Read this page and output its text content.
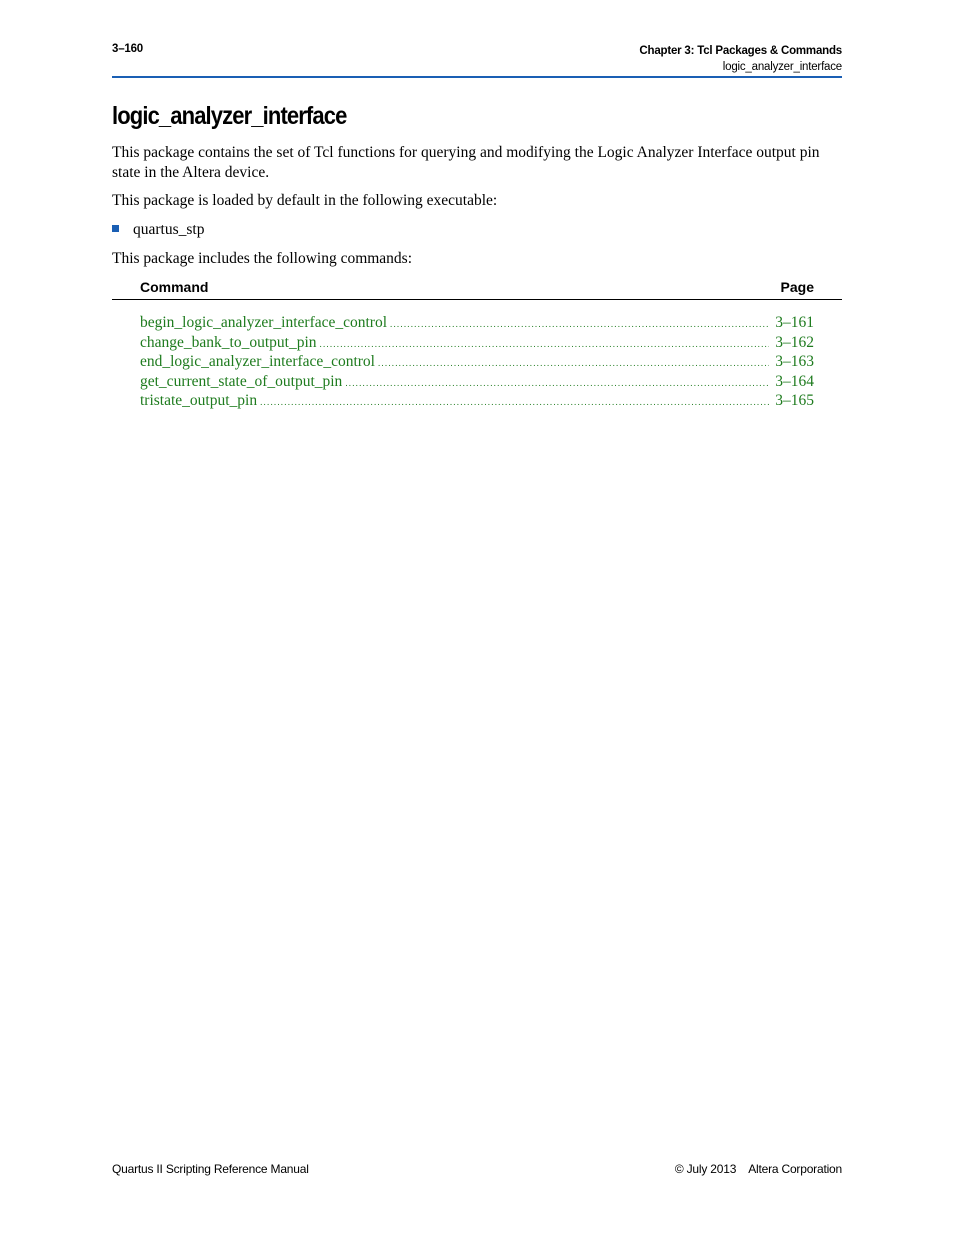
3–160	Chapter 3: Tcl Packages & Commands
logic_analyzer_interface
logic_analyzer_interface

This package contains the set of Tcl functions for querying and modifying the Logic Analyzer Interface output pin state in the Altera device.

This package is loaded by default in the following executable:

quartus_stp

This package includes the following commands:

Command	Page
begin_logic_analyzer_interface_control .....	3–161
change_bank_to_output_pin .....	3–162
end_logic_analyzer_interface_control .....	3–163
get_current_state_of_output_pin .....	3–164
tristate_output_pin .....	3–165
Quartus II Scripting Reference Manual	© July 2013 Altera Corporation
